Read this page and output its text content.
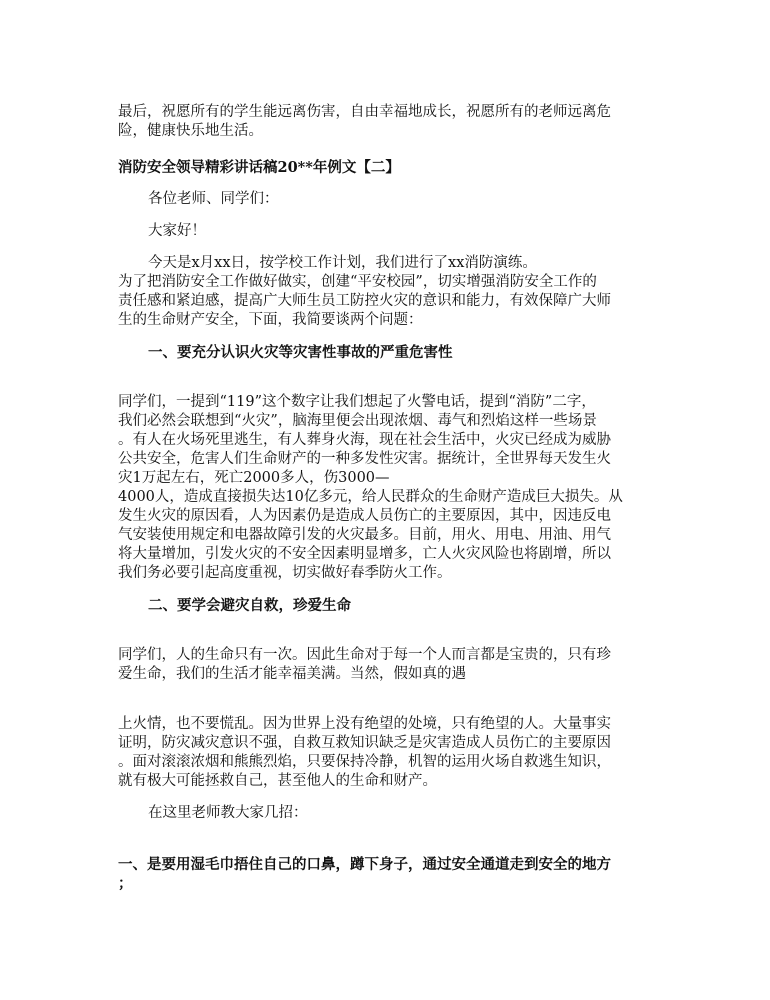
最后，祝愿所有的学生能远离伤害，自由幸福地成长，祝愿所有的老师远离危
险，健康快乐地生活。
消防安全领导精彩讲话稿20**年例文【二】
各位老师、同学们：
大家好！
今天是x月xx日，按学校工作计划，我们进行了xx消防演练。
为了把消防安全工作做好做实，创建“平安校园”，切实增强消防安全工作的
责任感和紧迫感，提高广大师生员工防控火灾的意识和能力，有效保障广大师
生的生命财产安全，下面，我简要谈两个问题：
一、要充分认识火灾等灾害性事故的严重危害性
同学们，一提到“119”这个数字让我们想起了火警电话，提到“消防”二字，
我们必然会联想到“火灾”，脑海里便会出现浓烟、毒气和烈焰这样一些场景
。有人在火场死里逃生，有人葬身火海，现在社会生活中，火灾已经成为威胁
公共安全，危害人们生命财产的一种多发性灾害。据统计，全世界每天发生火
灾1万起左右，死亡2000多人，伤3000—
4000人，造成直接损失达10亿多元，给人民群众的生命财产造成巨大损失。从
发生火灾的原因看，人为因素仍是造成人员伤亡的主要原因，其中，因违反电
气安装使用规定和电器故障引发的火灾最多。目前，用火、用电、用油、用气
将大量增加，引发火灾的不安全因素明显增多，亡人火灾风险也将剧增，所以
我们务必要引起高度重视，切实做好春季防火工作。
二、要学会避灾自救，珍爱生命
同学们，人的生命只有一次。因此生命对于每一个人而言都是宝贵的，只有珍
爱生命，我们的生活才能幸福美满。当然，假如真的遇
上火情，也不要慌乱。因为世界上没有绝望的处境，只有绝望的人。大量事实
证明，防灾减灾意识不强，自救互救知识缺乏是灾害造成人员伤亡的主要原因
。面对滚滚浓烟和熊熊烈焰，只要保持冷静，机智的运用火场自救逃生知识，
就有极大可能拯救自己，甚至他人的生命和财产。
在这里老师教大家几招：
一、是要用湿毛巾捂住自己的口鼻，蹲下身子，通过安全通道走到安全的地方
；
